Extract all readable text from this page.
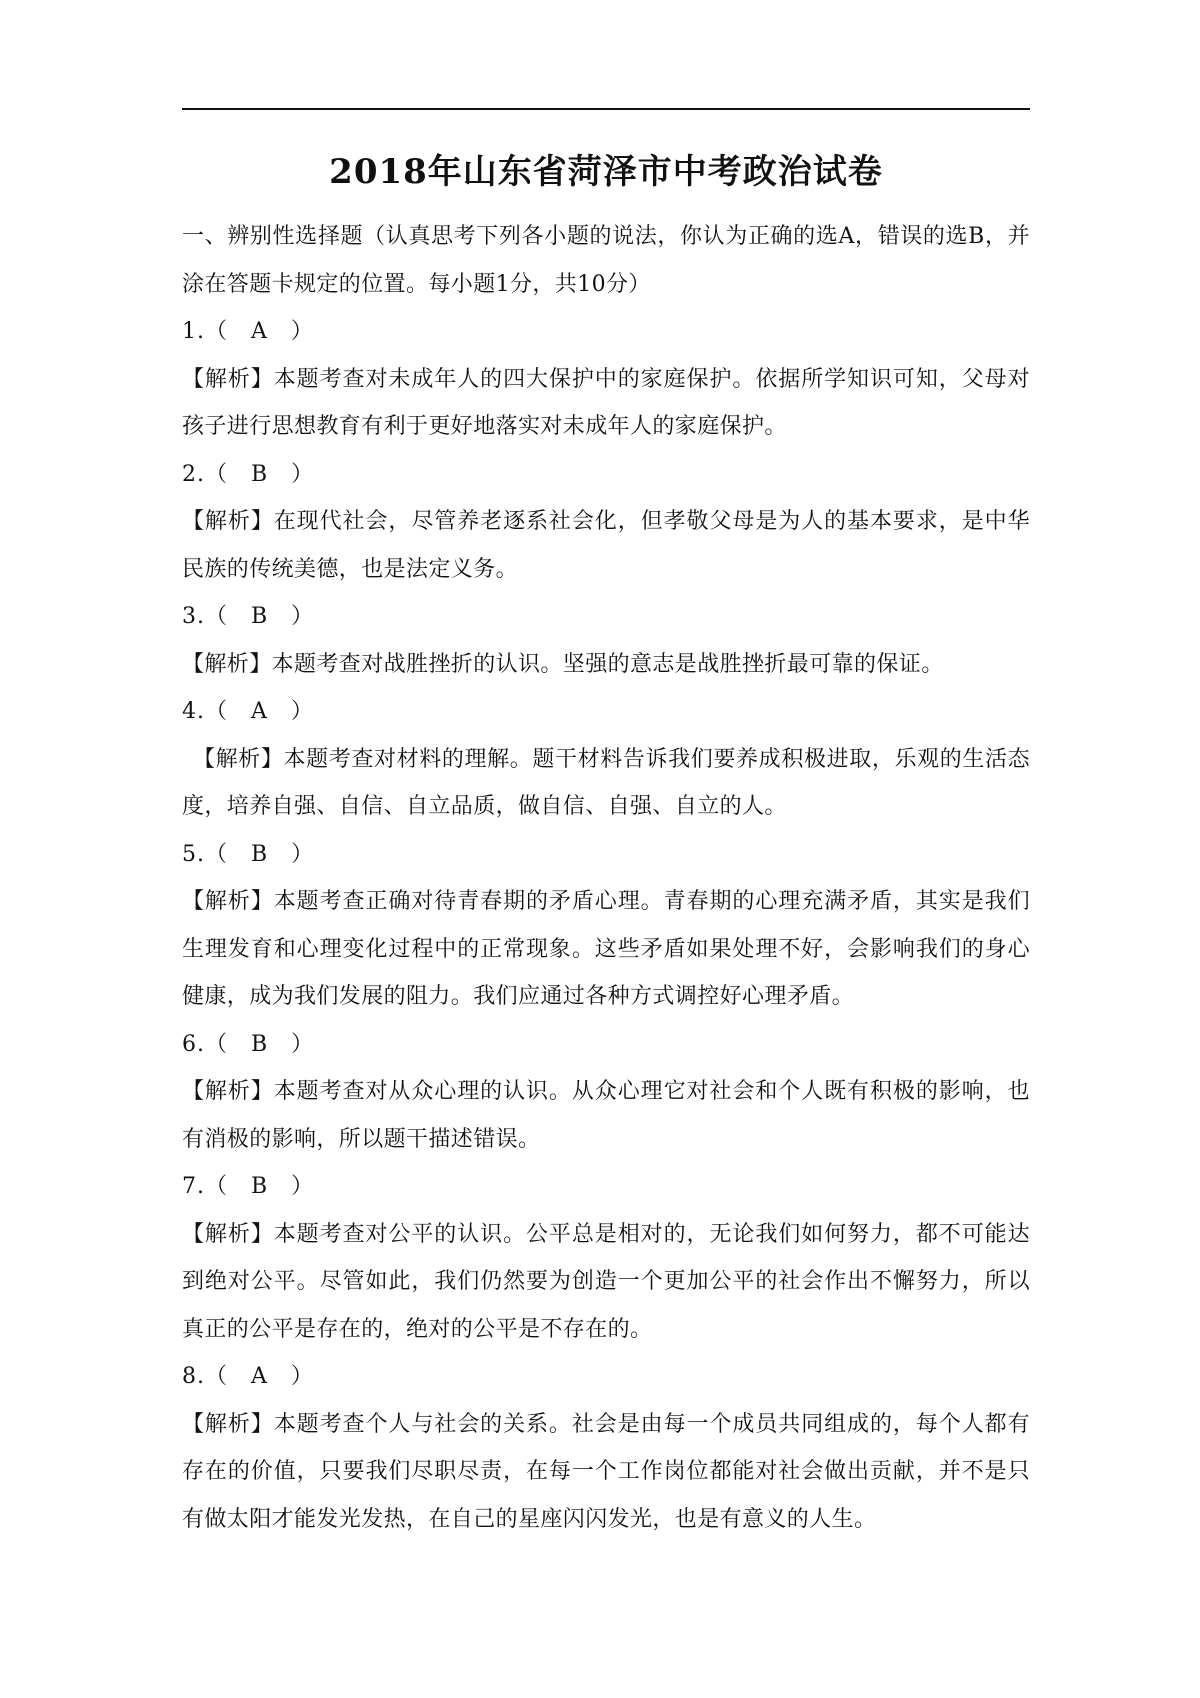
2018年山东省菏泽市中考政治试卷

一、辨别性选择题（认真思考下列各小题的说法，你认为正确的选A，错误的选B，并涂在答题卡规定的位置。每小题1分，共10分）

1.（　A　）

【解析】本题考查对未成年人的四大保护中的家庭保护。依据所学知识可知，父母对孩子进行思想教育有利于更好地落实对未成年人的家庭保护。

2.（　B　）

【解析】在现代社会，尽管养老逐系社会化，但孝敬父母是为人的基本要求，是中华民族的传统美德，也是法定义务。

3.（　B　）

【解析】本题考查对战胜挫折的认识。坚强的意志是战胜挫折最可靠的保证。

4.（　A　）

【解析】本题考查对材料的理解。题干材料告诉我们要养成积极进取，乐观的生活态度，培养自强、自信、自立品质，做自信、自强、自立的人。

5.（　B　）

【解析】本题考查正确对待青春期的矛盾心理。青春期的心理充满矛盾，其实是我们生理发育和心理变化过程中的正常现象。这些矛盾如果处理不好，会影响我们的身心健康，成为我们发展的阻力。我们应通过各种方式调控好心理矛盾。

6.（　B　）

【解析】本题考查对从众心理的认识。从众心理它对社会和个人既有积极的影响，也有消极的影响，所以题干描述错误。

7.（　B　）

【解析】本题考查对公平的认识。公平总是相对的，无论我们如何努力，都不可能达到绝对公平。尽管如此，我们仍然要为创造一个更加公平的社会作出不懈努力，所以真正的公平是存在的，绝对的公平是不存在的。

8.（　A　）

【解析】本题考查个人与社会的关系。社会是由每一个成员共同组成的，每个人都有存在的价值，只要我们尽职尽责，在每一个工作岗位都能对社会做出贡献，并不是只有做太阳才能发光发热，在自己的星座闪闪发光，也是有意义的人生。
